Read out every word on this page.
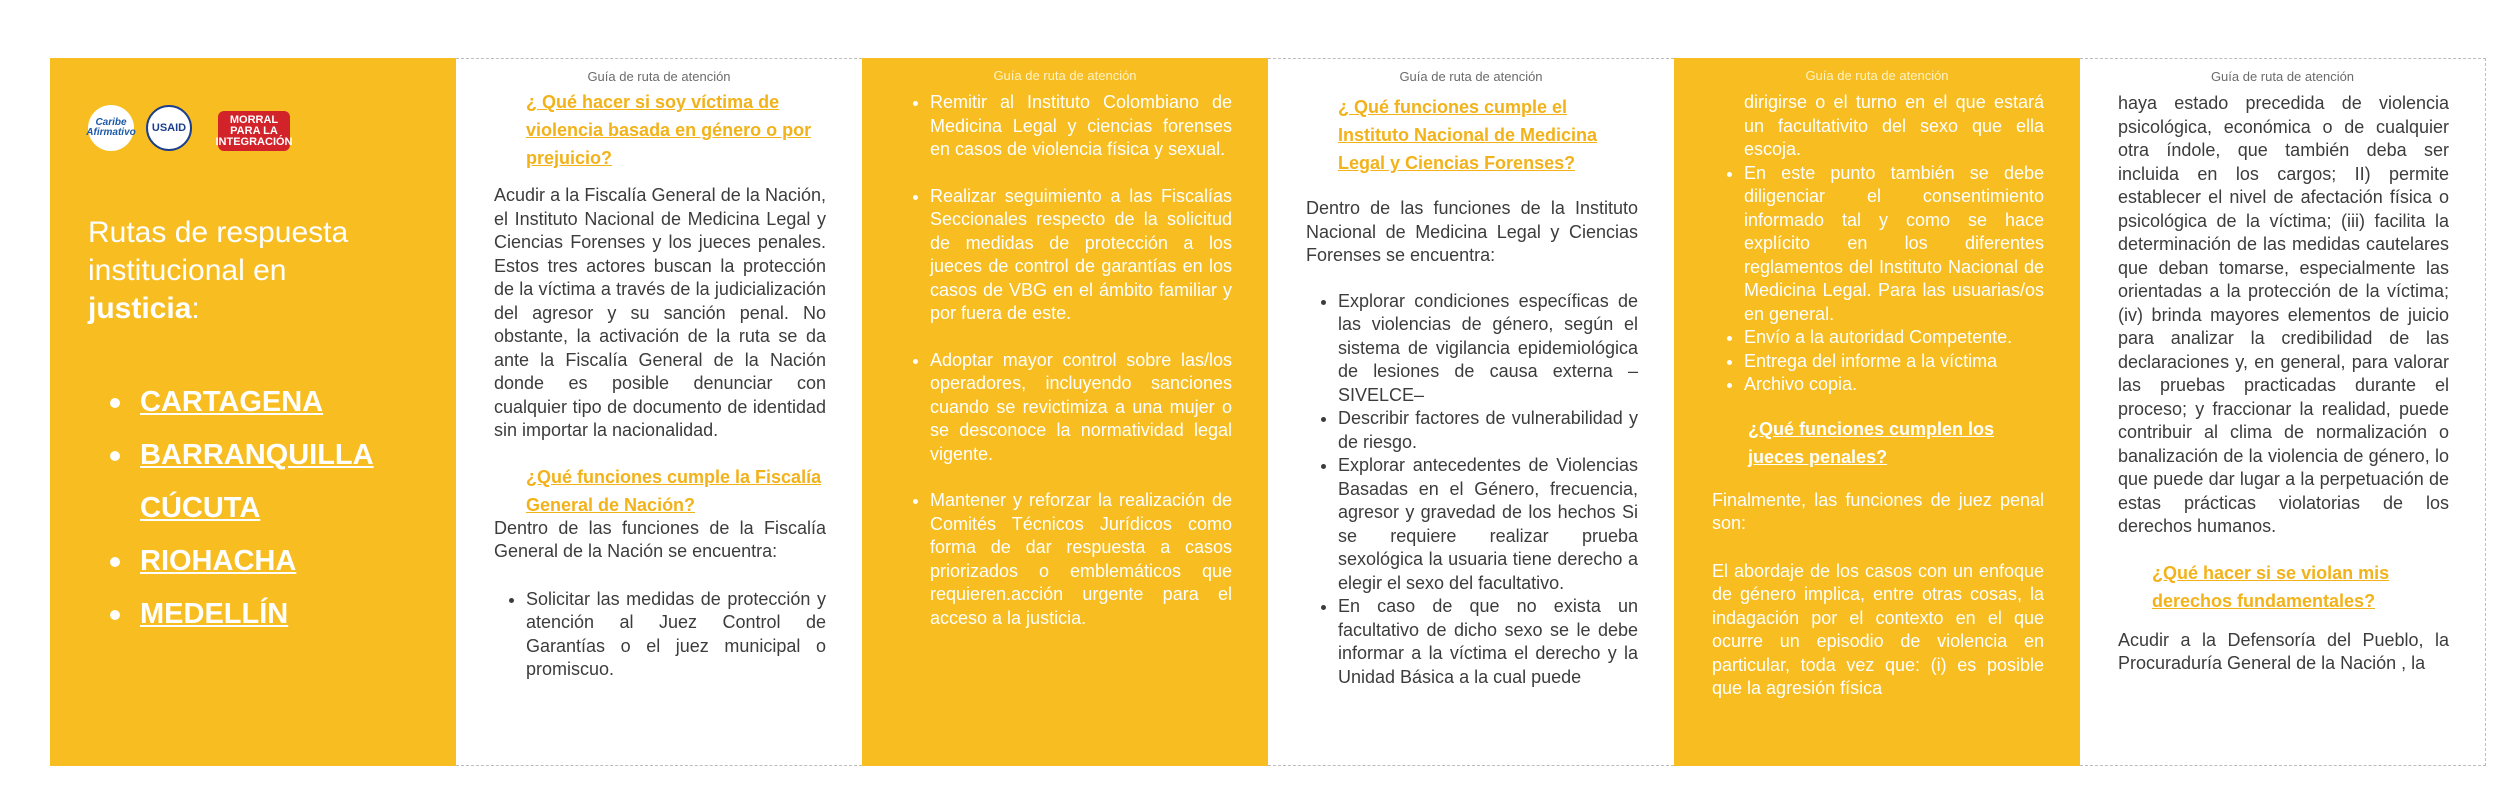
Caribe Afirmativo USAID
MORRAL PARA LA INTEGRACIÓN
Rutas de respuesta
institucional en
justicia:
CARTAGENA
BARRANQUILLA
CÚCUTA
RIOHACHA
MEDELLÍN
Guía de ruta de atención

¿ Qué hacer si soy víctima de violencia basada en género o por prejuicio?

Acudir a la Fiscalía General de la Nación, el Instituto Nacional de Medicina Legal y Ciencias Forenses y los jueces penales. Estos tres actores buscan la protección de la víctima a través de la judicialización del agresor y su sanción penal. No obstante, la activación de la ruta se da ante la Fiscalía General de la Nación donde es posible denunciar con cualquier tipo de documento de identidad sin importar la nacionalidad.

¿Qué funciones cumple la Fiscalía General de Nación?

Dentro de las funciones de la Fiscalía General de la Nación se encuentra:

• Solicitar las medidas de protección y atención al Juez Control de Garantías o el juez municipal o promiscuo.
Guía de ruta de atención
• Remitir al Instituto Colombiano de Medicina Legal y ciencias forenses en casos de violencia física y sexual.
• Realizar seguimiento a las Fiscalías Seccionales respecto de la solicitud de medidas de protección a los jueces de control de garantías en los casos de VBG en el ámbito familiar y por fuera de este.
• Adoptar mayor control sobre las/los operadores, incluyendo sanciones cuando se revictimiza a una mujer o se desconoce la normatividad legal vigente.
• Mantener y reforzar la realización de Comités Técnicos Jurídicos como forma de dar respuesta a casos priorizados o emblemáticos que requieren.acción urgente para el acceso a la justicia.
Guía de ruta de atención

¿ Qué funciones cumple el Instituto Nacional de Medicina Legal y Ciencias Forenses?

Dentro de las funciones de la Instituto Nacional de Medicina Legal y Ciencias Forenses se encuentra:

• Explorar condiciones específicas de las violencias de género, según el sistema de vigilancia epidemiológica de lesiones de causa externa –SIVELCE–
• Describir factores de vulnerabilidad y de riesgo.
• Explorar antecedentes de Violencias Basadas en el Género, frecuencia, agresor y gravedad de los hechos Si se requiere realizar prueba sexológica la usuaria tiene derecho a elegir el sexo del facultativo.
• En caso de que no exista un facultativo de dicho sexo se le debe informar a la víctima el derecho y la Unidad Básica a la cual puede
Guía de ruta de atención

dirigirse o el turno en el que estará un facultativito del sexo que ella escoja.

• En este punto también se debe diligenciar el consentimiento informado tal y como se hace explícito en los diferentes reglamentos del Instituto Nacional de Medicina Legal. Para las usuarias/os en general.
• Envío a la autoridad Competente.
• Entrega del informe a la víctima
• Archivo copia.

¿Qué funciones cumplen los jueces penales?

Finalmente, las funciones de juez penal son:

El abordaje de los casos con un enfoque de género implica, entre otras cosas, la indagación por el contexto en el que ocurre un episodio de violencia en particular, toda vez que: (i) es posible que la agresión física

Guía de ruta de atención

haya estado precedida de violencia psicológica, económica o de cualquier otra índole, que también deba ser incluida en los cargos; II) permite establecer el nivel de afectación física o psicológica de la víctima; (iii) facilita la determinación de las medidas cautelares que deban tomarse, especialmente las orientadas a la protección de la víctima; (iv) brinda mayores elementos de juicio para analizar la credibilidad de las declaraciones y, en general, para valorar las pruebas practicadas durante el proceso; y fraccionar la realidad, puede contribuir al clima de normalización o banalización de la violencia de género, lo que puede dar lugar a la perpetuación de estas prácticas violatorias de los derechos humanos.

¿Qué hacer si se violan mis derechos fundamentales?

Acudir a la Defensoría del Pueblo, la Procuraduría General de la Nación , la
